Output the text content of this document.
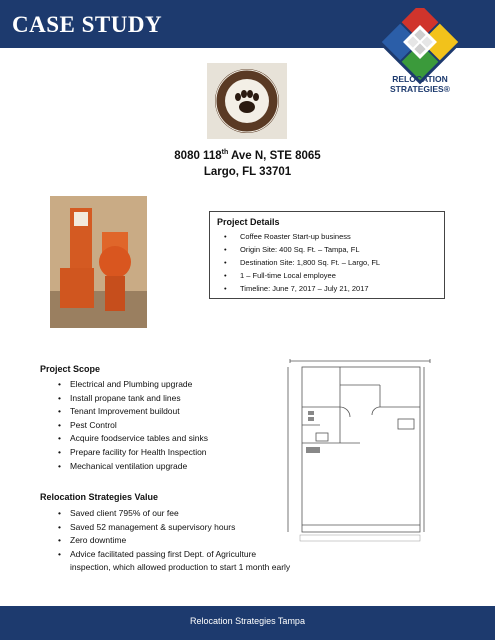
CASE STUDY
RELOCATION
STRATEGIES®
8080 118th Ave N, STE 8065
Largo, FL 33701
Project Details
• Coffee Roaster Start-up business
• Origin Site: 400 Sq. Ft. – Tampa, FL
• Destination Site: 1,800 Sq. Ft. – Largo, FL
• 1 – Full-time Local employee
• Timeline: June 7, 2017 – July 21, 2017
Project Scope
• Electrical and Plumbing upgrade
• Install propane tank and lines
• Tenant Improvement buildout
• Pest Control
• Acquire foodservice tables and sinks
• Prepare facility for Health Inspection
• Mechanical ventilation upgrade
Relocation Strategies Value
• Saved client 795% of our fee
• Saved 52 management & supervisory hours
• Zero downtime
• Advice facilitated passing first Dept. of Agriculture
inspection, which allowed production to start 1 month early
Relocation Strategies Tampa
